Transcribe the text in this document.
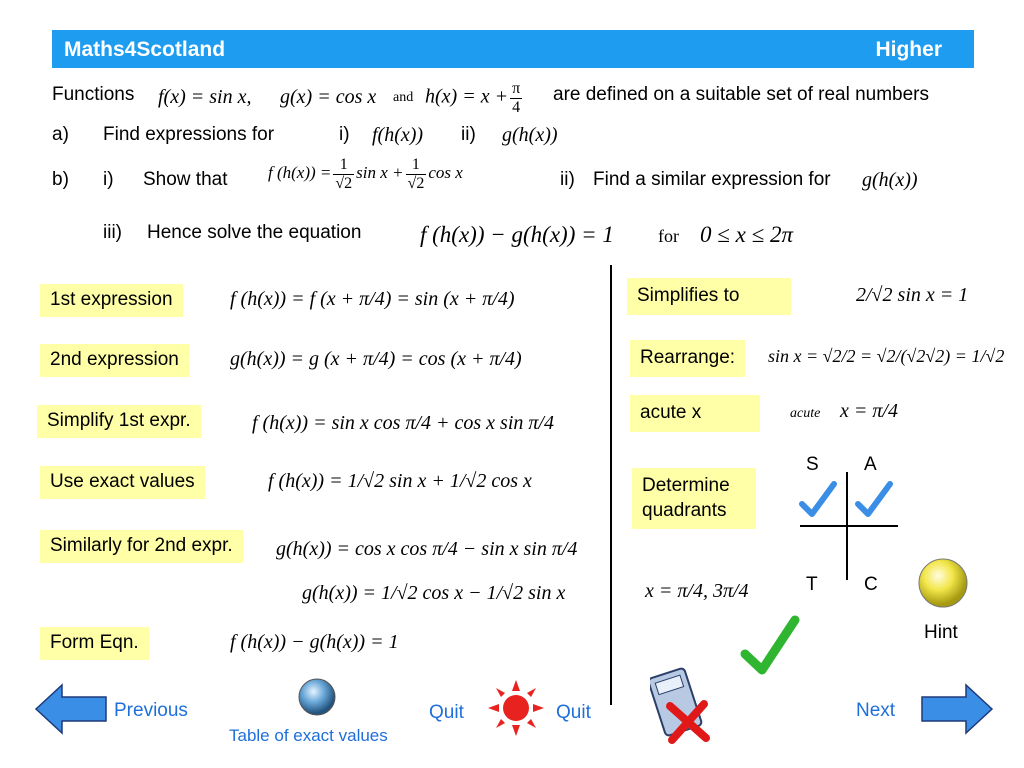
Maths4Scotland	Higher
Functions f(x) = sin x, g(x) = cos x and $h(x) = x + \frac{\pi}{4}$ are defined on a suitable set of real numbers
a) Find expressions for	i) f(h(x)) ii) g(h(x))
b) i) Show that f $(h(x)) = \frac{1}{√2}$ $\sin x + \frac{1}{√2}$ cos x	ii) Find a similar expression for g(h(x))
iii) Hence solve the equation	f (h(x)) − g(h(x)) = 1 for 0 ≤ x ≤ 2π
1st expression	f (h(x)) = f (x + π/4) = sin (x + π/4)
2nd expression	g(h(x)) = g (x + π/4) = cos (x + π/4)
Simplify 1st expr.	f (h(x)) = sin x cos π/4 + cos x sin π/4
Use exact values	f (h(x)) = 1/√2 sin x + 1/√2 cos x
Similarly for 2nd expr.	g(h(x)) = cos x cos π/4 − sin x sin π/4
g(h(x)) = 1/√2 cos x − 1/√2 sin x
Form Eqn.	f (h(x)) − g(h(x)) = 1
Simplifies to	2/√2 sin x = 1
Rearrange:	sin x = √2/2 = √2/(√2√2) = 1/√2
acute x	acute x = π/4
Determine quadrants
S A
T C
x = π/4, 3π/4
Hint
Previous
Table of exact values
Quit	Quit	Next
